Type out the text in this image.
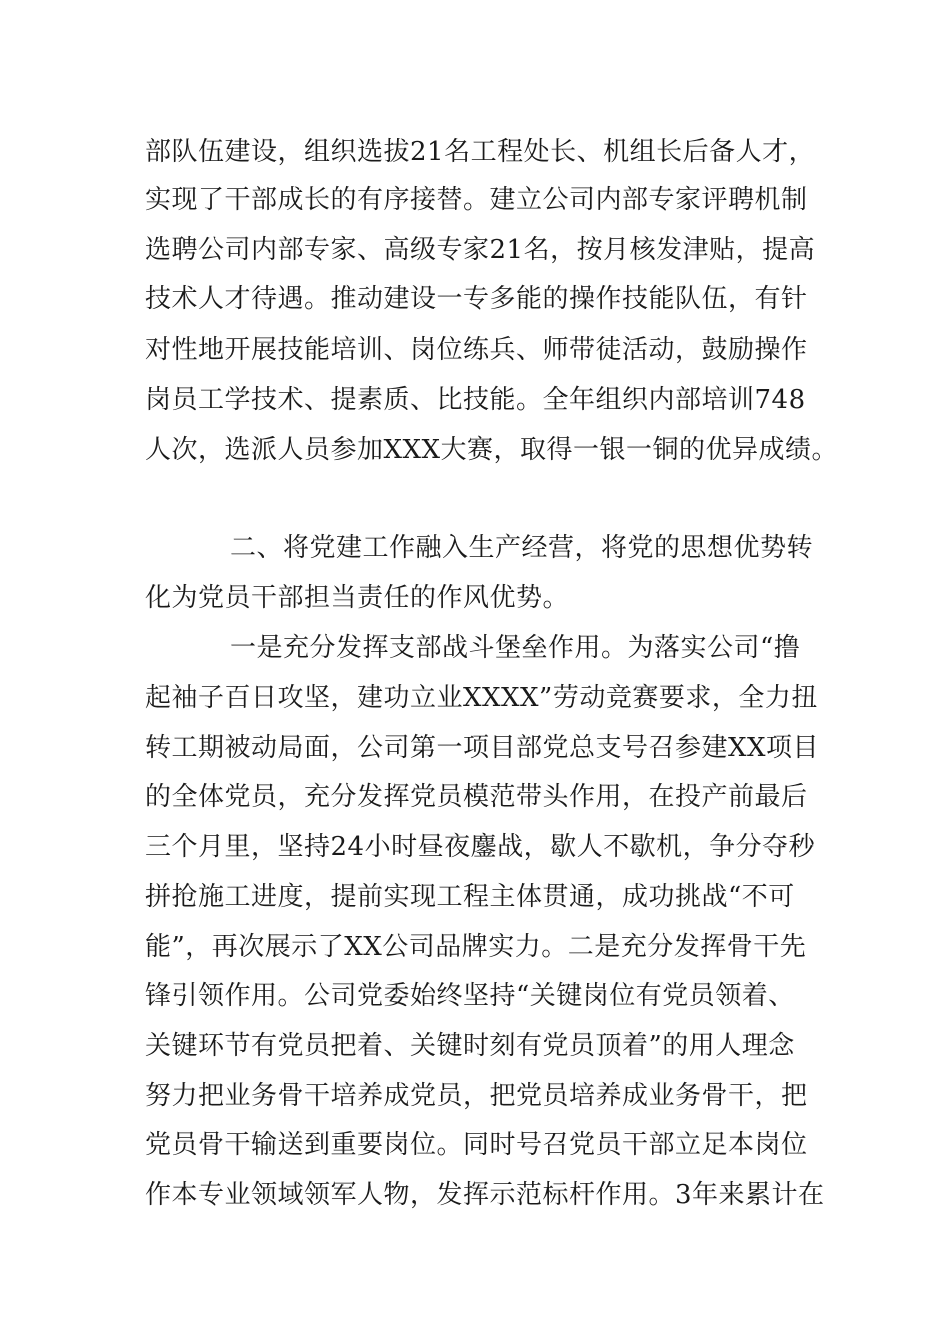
部队伍建设，组织选拔21名工程处长、机组长后备人才，
实现了干部成长的有序接替。建立公司内部专家评聘机制
选聘公司内部专家、高级专家21名，按月核发津贴，提高
技术人才待遇。推动建设一专多能的操作技能队伍，有针
对性地开展技能培训、岗位练兵、师带徒活动，鼓励操作
岗员工学技术、提素质、比技能。全年组织内部培训748
人次，选派人员参加XXX大赛，取得一银一铜的优异成绩。
二、将党建工作融入生产经营，将党的思想优势转
化为党员干部担当责任的作风优势。
一是充分发挥支部战斗堡垒作用。为落实公司“撸
起袖子百日攻坚，建功立业XXXX”劳动竞赛要求，全力扭
转工期被动局面，公司第一项目部党总支号召参建XX项目
的全体党员，充分发挥党员模范带头作用，在投产前最后
三个月里，坚持24小时昼夜鏖战，歇人不歇机，争分夺秒
拼抢施工进度，提前实现工程主体贯通，成功挑战“不可
能”，再次展示了XX公司品牌实力。二是充分发挥骨干先
锋引领作用。公司党委始终坚持“关键岗位有党员领着、
关键环节有党员把着、关键时刻有党员顶着”的用人理念
努力把业务骨干培养成党员，把党员培养成业务骨干，把
党员骨干输送到重要岗位。同时号召党员干部立足本岗位
作本专业领域领军人物，发挥示范标杆作用。3年来累计在
